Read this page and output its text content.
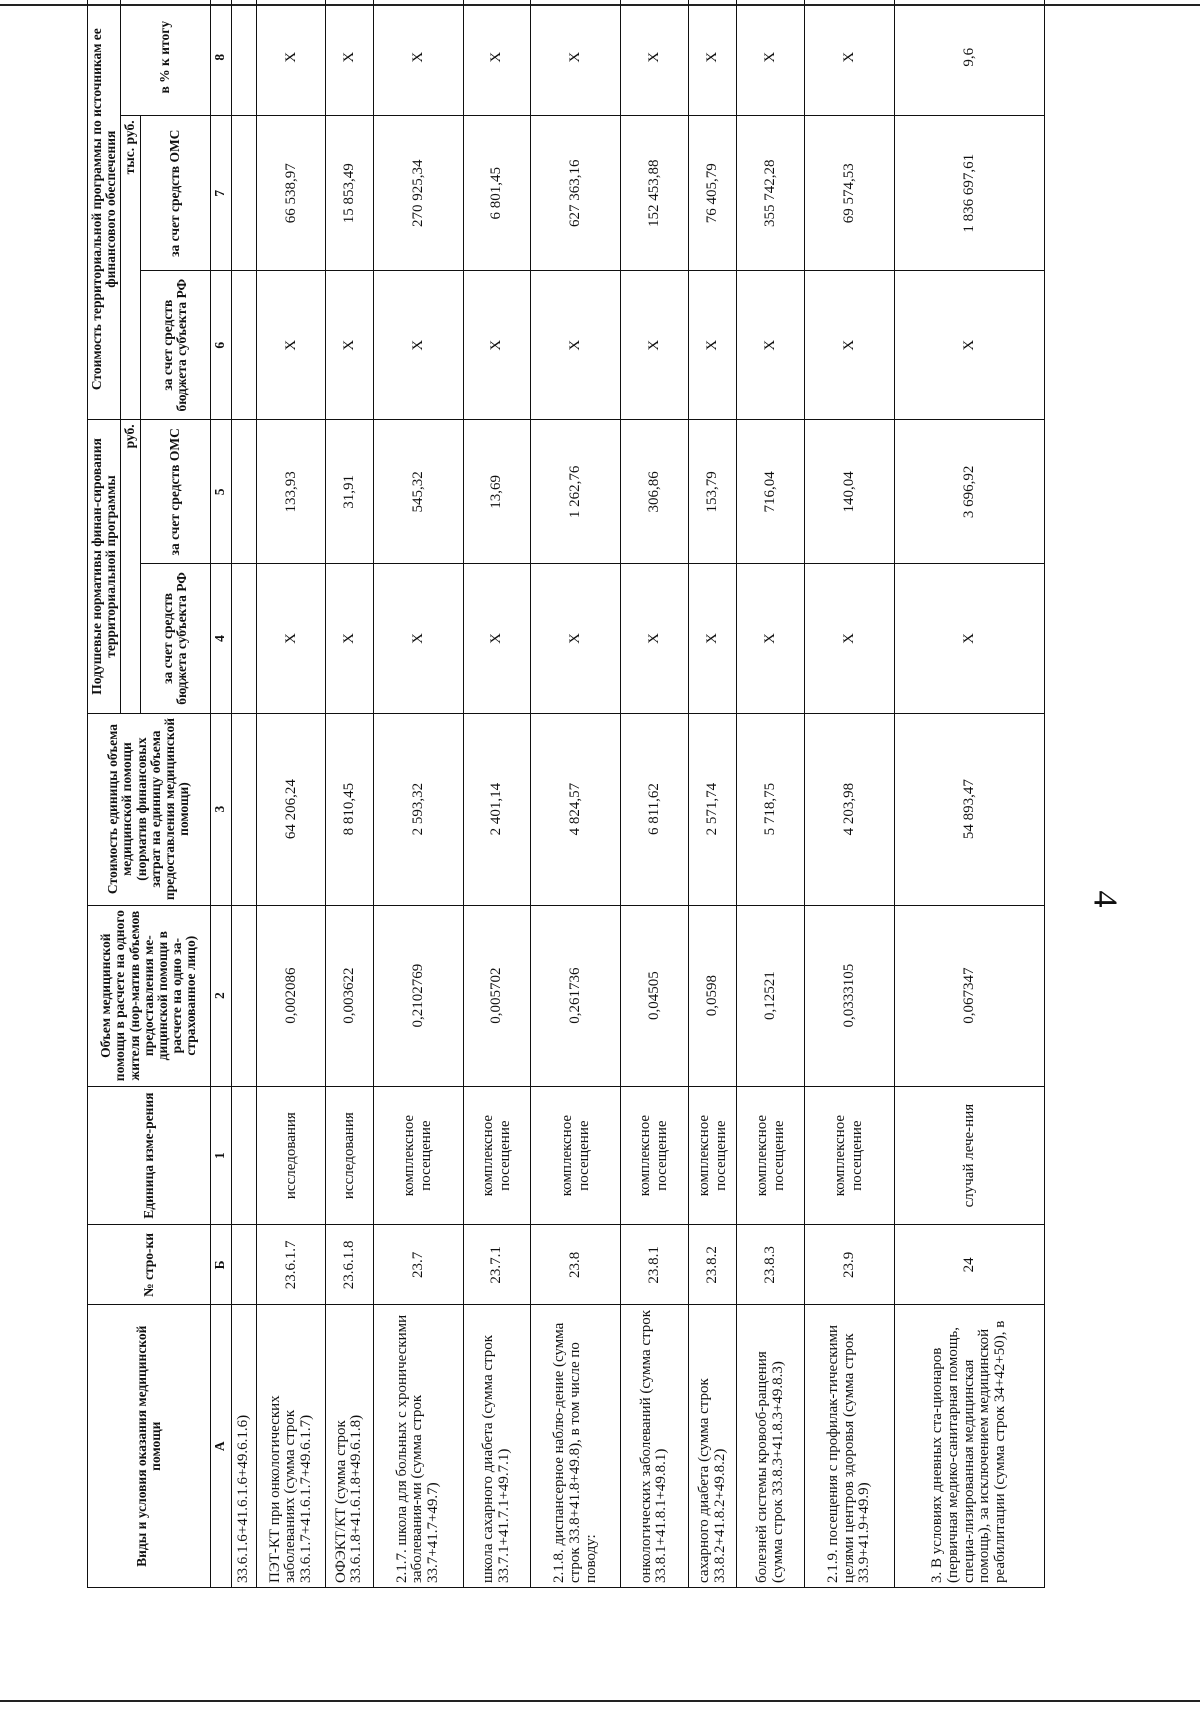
4
Виды и условия оказания медицинской помощи	№ стро-ки	Единица изме-рения	Объем медицинской помощи в расчете на одного жителя (нор-матив объемов предоставления ме-дицинской помощи в расчете на одно за-страхованное лицо)	Стоимость единицы объема медицинской помощи (норматив финансовых затрат на единицу объема предоставления медицинской помощи)	Подушевые нормативы финан-сирования территориальной программы		Стоимость территориальной программы по источникам ее финансового обеспечения		
					руб.		тыс. руб.		в % к итогу
					за счет средств бюджета субъекта РФ	за счет средств ОМС	за счет средств бюджета субъекта РФ	за счет средств ОМС	
А	Б	1	2	3	4	5	6	7	8
33.6.1.6+41.6.1.6+49.6.1.6)									
ПЭТ-КТ при онкологических заболеваниях (сумма строк 33.6.1.7+41.6.1.7+49.6.1.7)	23.6.1.7	исследования	0,002086	64 206,24	X	133,93	X	66 538,97	X
ОФЭКТ/КТ (сумма строк 33.6.1.8+41.6.1.8+49.6.1.8)	23.6.1.8	исследования	0,003622	8 810,45	X	31,91	X	15 853,49	X
2.1.7. школа для больных с хроническими заболевания-ми (сумма строк 33.7+41.7+49.7)	23.7	комплексное посещение	0,2102769	2 593,32	X	545,32	X	270 925,34	X
школа сахарного диабета (сумма строк 33.7.1+41.7.1+49.7.1)	23.7.1	комплексное посещение	0,005702	2 401,14	X	13,69	X	6 801,45	X
2.1.8. диспансерное наблю-дение (сумма строк 33.8+41.8+49.8), в том числе по поводу:	23.8	комплексное посещение	0,261736	4 824,57	X	1 262,76	X	627 363,16	X
онкологических заболеваний (сумма строк 33.8.1+41.8.1+49.8.1)	23.8.1	комплексное посещение	0,04505	6 811,62	X	306,86	X	152 453,88	X
сахарного диабета (сумма строк 33.8.2+41.8.2+49.8.2)	23.8.2	комплексное посещение	0,0598	2 571,74	X	153,79	X	76 405,79	X
болезней системы кровооб-ращения (сумма строк 33.8.3+41.8.3+49.8.3)	23.8.3	комплексное посещение	0,12521	5 718,75	X	716,04	X	355 742,28	X
2.1.9. посещения с профилак-тическими целями центров здоровья (сумма строк 33.9+41.9+49.9)	23.9	комплексное посещение	0,0333105	4 203,98	X	140,04	X	69 574,53	X
3. В условиях дневных ста-ционаров (первичная медико-санитарная помощь, специа-лизированная медицинская помощь), за исключением медицинской реабилитации (сумма строк 34+42+50), в	24	случай лече-ния	0,067347	54 893,47	X	3 696,92	X	1 836 697,61	9,6
